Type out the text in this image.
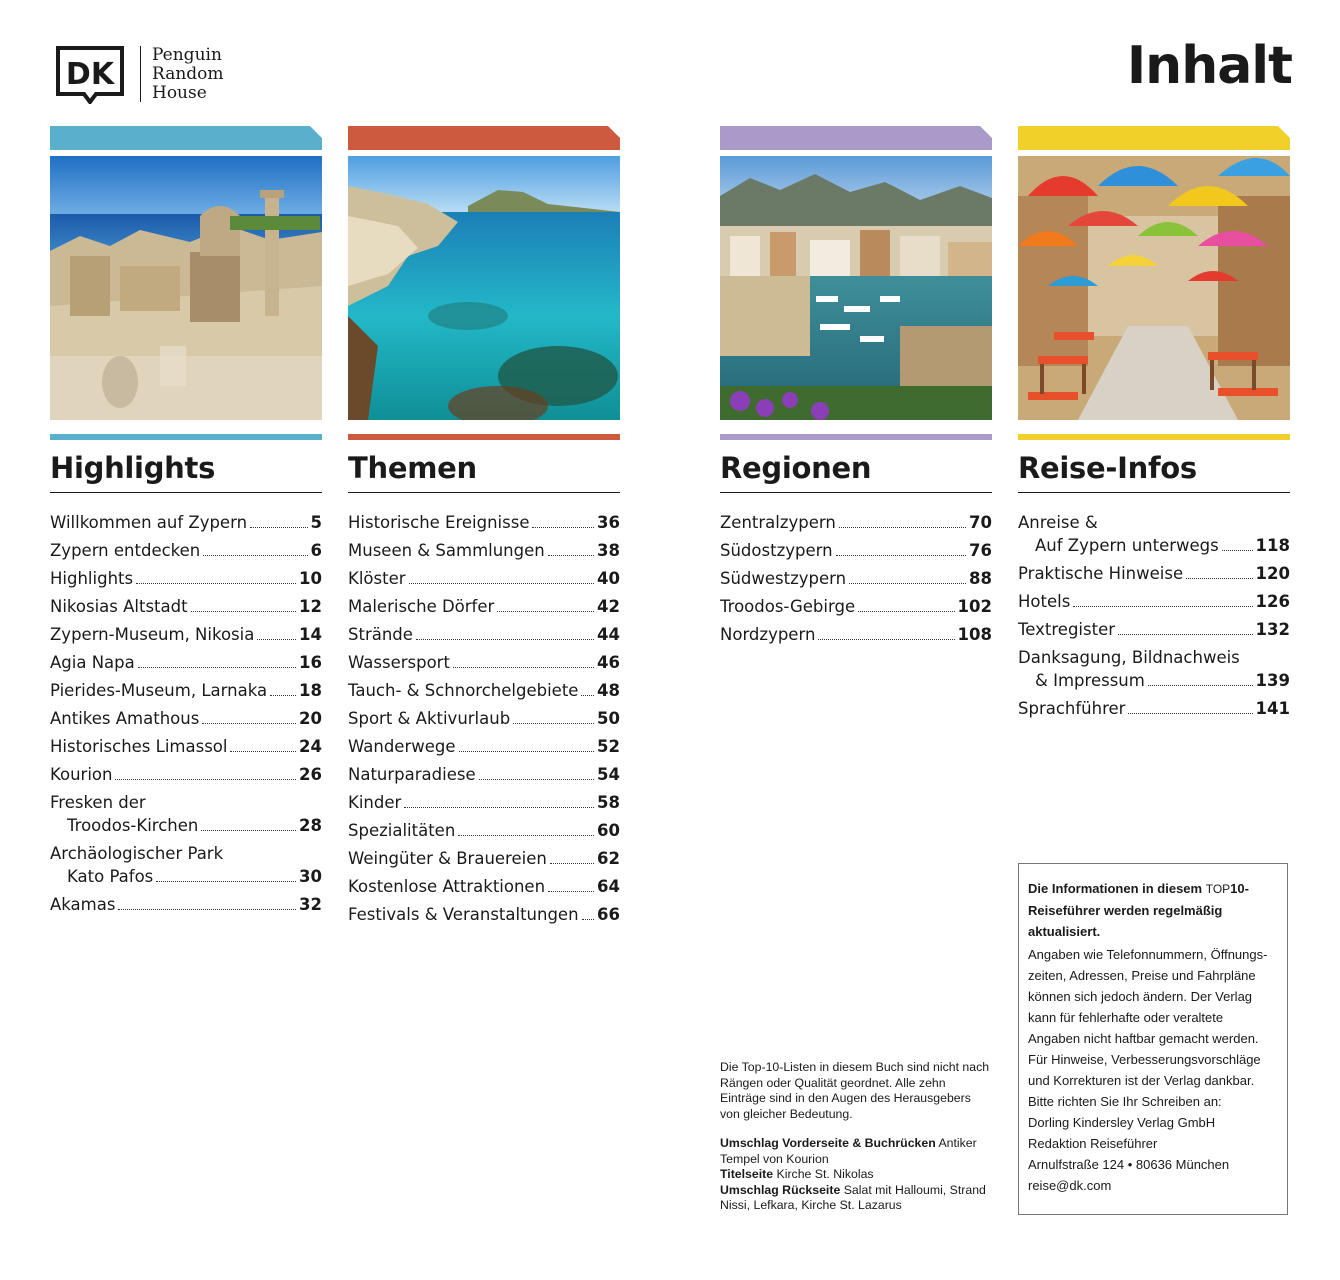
DK
Penguin
Random
House	Inhalt
Highlights
Willkommen auf Zypern	5
Zypern entdecken	6
Highlights	10
Nikosias Altstadt	12
Zypern-Museum, Nikosia	14
Agia Napa	16
Pierides-Museum, Larnaka 18
Antikes Amathous	20
Historisches Limassol	24
Kourion	26
Fresken der
Troodos-Kirchen	28
Archäologischer Park
Kato Pafos	30
Akamas	32
Themen
Historische Ereignisse	36
Museen & Sammlungen	38
Klöster	40
Malerische Dörfer	42
Strände	44
Wassersport	46
Tauch- & Schnorchelgebiete 48
Sport & Aktivurlaub	50
Wanderwege	52
Naturparadiese	54
Kinder	58
Spezialitäten	60
Weingüter & Brauereien	62
Kostenlose Attraktionen	64
Festivals & Veranstaltungen 66
Regionen
Zentralzypern	70
Südostzypern	76
Südwestzypern	88
Troodos-Gebirge	102
Nordzypern	108
Reise-Infos
Anreise &
Auf Zypern unterwegs 118
Praktische Hinweise	120
Hotels	126
Textregister	132
Danksagung, Bildnachweis
& Impressum	139
Sprachführer	141

Die Top-10-Listen in diesem Buch sind nicht nach Rängen oder Qualität geordnet. Alle zehn Einträge sind in den Augen des Herausgebers von gleicher Bedeutung.

Umschlag Vorderseite & Buchrücken Antiker Tempel von Kourion
Titelseite Kirche St. Nikolas
Umschlag Rückseite Salat mit Halloumi, Strand Nissi, Lefkara, Kirche St. Lazarus

Die Informationen in diesem TOP10- Reiseführer werden regelmäßig aktualisiert.

Angaben wie Telefonnummern, Öffnungszeiten, Adressen, Preise und Fahrpläne können sich jedoch ändern. Der Verlag kann für fehlerhafte oder veraltete Angaben nicht haftbar gemacht werden. Für Hinweise, Verbesserungsvorschläge und Korrekturen ist der Verlag dankbar. Bitte richten Sie Ihr Schreiben an:

Dorling Kindersley Verlag GmbH

Redaktion Reiseführer

Arnulfstraße 124 • 80636 München

reise@dk.com
